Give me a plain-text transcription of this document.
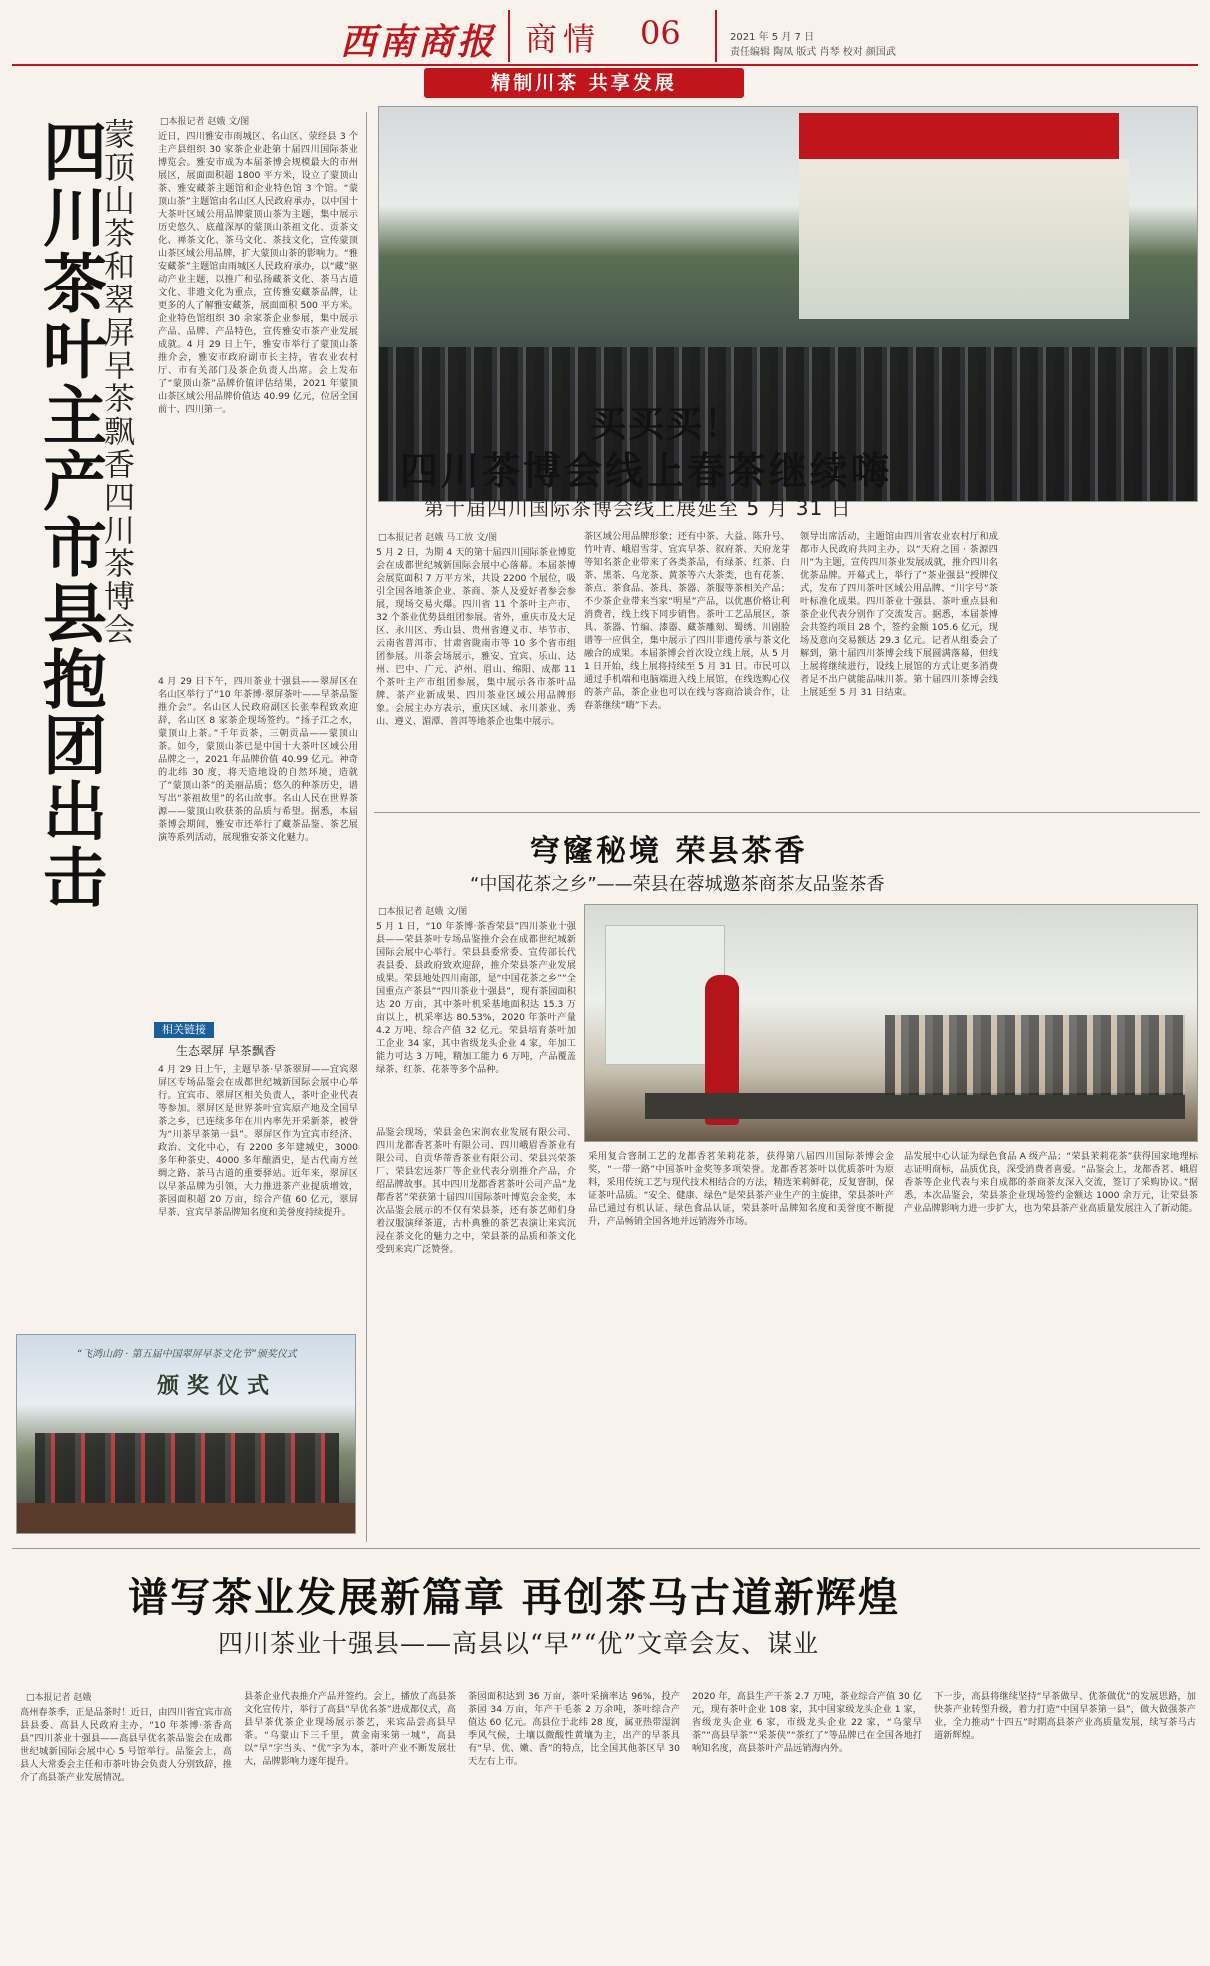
西南商报 商情 06	2021 年 5 月 7 日
责任编辑 陶凤 版式 肖琴 校对 颜国武
精制川茶 共享发展
四川茶叶主产市县抱团出击
蒙顶山茶和翠屏早茶飘香四川茶博会	□本报记者 赵娥 文/图
近日，四川雅安市雨城区、名山区、荥经县 3 个主产县组织 30 家茶企业赴第十届四川国际茶业博览会。雅安市成为本届茶博会规模最大的市州展区，展面面积超 1800 平方米，设立了蒙顶山茶、雅安藏茶主题馆和企业特色馆 3 个馆。“蒙顶山茶”主题馆由名山区人民政府承办，以中国十大茶叶区域公用品牌蒙顶山茶为主题，集中展示历史悠久、底蕴深厚的蒙顶山茶祖文化、贡茶文化、禅茶文化、茶马文化、茶技文化，宣传蒙顶山茶区域公用品牌，扩大蒙顶山茶的影响力。“雅安藏茶”主题馆由雨城区人民政府承办，以“藏”驱动产业主题，以推广和弘扬藏茶文化、茶马古道文化、非遗文化为重点，宣传雅安藏茶品牌，让更多的人了解雅安藏茶，展面面积 500 平方米。企业特色馆组织 30 余家茶企业参展，集中展示产品、品牌、产品特色，宣传雅安市茶产业发展成就。4 月 29 日上午，雅安市举行了蒙顶山茶推介会，雅安市政府副市长主持，省农业农村厅、市有关部门及茶企负责人出席。会上发布了“蒙顶山茶”品牌价值评估结果，2021 年蒙顶山茶区域公用品牌价值达 40.99 亿元，位居全国前十、四川第一。
4 月 29 日下午，四川茶业十强县——翠屏区在名山区举行了“10 年茶博·翠屏茶叶——早茶品鉴推介会”。名山区人民政府副区长张奉程致欢迎辞，名山区 8 家茶企现场签约。“扬子江之水，蒙顶山上茶。”千年贡茶，三朝贡品——蒙顶山茶。如今，蒙顶山茶已是中国十大茶叶区域公用品牌之一，2021 年品牌价值 40.99 亿元。神奇的北纬 30 度，将天造地设的自然环境，造就了“蒙顶山茶”的美丽品质；悠久的种茶历史，谱写出“茶祖故里”的名山故事。名山人民在世界茶源——蒙顶山收获茶的品质与希望。据悉，本届茶博会期间，雅安市还举行了藏茶品鉴、茶艺展演等系列活动，展现雅安茶文化魅力。
相关链接
生态翠屏 早茶飘香
4 月 29 日上午，主题早茶·早茶翠屏——宜宾翠屏区专场品鉴会在成都世纪城新国际会展中心举行。宜宾市、翠屏区相关负责人，茶叶企业代表等参加。翠屏区是世界茶叶宜宾原产地及全国早茶之乡，已连续多年在川内率先开采新茶，被誉为“川茶早茶第一县”。翠屏区作为宜宾市经济、政治、文化中心，有 2200 多年建城史，3000 多年种茶史、4000 多年酿酒史，是古代南方丝绸之路、茶马古道的重要驿站。近年来，翠屏区以早茶品牌为引领，大力推进茶产业提质增效，茶园面积超 20 万亩，综合产值 60 亿元，翠屏早茶、宜宾早茶品牌知名度和美誉度持续提升。
“飞鸿山韵 · 第五届中国翠屏早茶文化节”颁奖仪式
颁奖仪式
买买买！
四川茶博会线上春茶继续嗨
第十届四川国际茶博会线上展延至 5 月 31 日
□本报记者 赵娥 马工放 文/图
5 月 2 日，为期 4 天的第十届四川国际茶业博览会在成都世纪城新国际会展中心落幕。本届茶博会展览面积 7 万平方米，共设 2200 个展位，吸引全国各地茶企业、茶商、茶人及爱好者参会参展，现场交易火爆。四川省 11 个茶叶主产市、32 个茶业优势县组团参展。省外，重庆市及大足区、永川区、秀山县、贵州省遵义市、毕节市、云南省普洱市、甘肃省陇南市等 10 多个省市组团参展。川茶会场展示，雅安、宜宾、乐山、达州、巴中、广元、泸州、眉山、绵阳、成都 11 个茶叶主产市组团参展，集中展示各市茶叶品牌、茶产业新成果、四川茶业区域公用品牌形象。会展主办方表示，重庆区域、永川茶业、秀山、遵义、湄潭、普洱等地茶企也集中展示。
茶区域公用品牌形象；还有中茶、大益、陈升号、竹叶青、峨眉雪芽、宜宾早茶、叙府茶、天府龙芽等知名茶企业带来了各类茶品，有绿茶、红茶、白茶、黑茶、乌龙茶、黄茶等六大茶类，也有花茶、茶点、茶食品、茶具、茶器、茶服等茶相关产品；不少茶企业带来当家“明星”产品，以优惠价格让利消费者，线上线下同步销售。茶叶工艺品展区，茶具、茶器、竹编、漆器、藏茶雕刻、蜀绣、川剧脸谱等一应俱全，集中展示了四川非遗传承与茶文化融合的成果。本届茶博会首次设立线上展，从 5 月 1 日开始，线上展将持续至 5 月 31 日。市民可以通过手机端和电脑端进入线上展馆，在线选购心仪的茶产品，茶企业也可以在线与客商洽谈合作，让春茶继续“嗨”下去。
领导出席活动，主题馆由四川省农业农村厅和成都市人民政府共同主办，以“天府之国 · 茶源四川”为主题，宣传四川茶业发展成就，推介四川名优茶品牌。开幕式上，举行了“茶业强县”授牌仪式，发布了四川茶叶区域公用品牌、“川字号”茶叶标准化成果。四川茶业十强县、茶叶重点县和茶企业代表分别作了交流发言。据悉，本届茶博会共签约项目 28 个，签约金额 105.6 亿元，现场及意向交易额达 29.3 亿元。记者从组委会了解到，第十届四川茶博会线下展圆满落幕，但线上展将继续进行，设线上展馆的方式让更多消费者足不出户就能品味川茶。第十届四川茶博会线上展延至 5 月 31 日结束。
穹窿秘境 荣县茶香
“中国花茶之乡”——荣县在蓉城邀茶商茶友品鉴茶香
□本报记者 赵娥 文/图
5 月 1 日，“10 年茶博·茶香荣县”四川茶业十强县——荣县茶叶专场品鉴推介会在成都世纪城新国际会展中心举行。荣县县委常委、宣传部长代表县委、县政府致欢迎辞，推介荣县茶产业发展成果。荣县地处四川南部，是“中国花茶之乡”“全国重点产茶县”“四川茶业十强县”，现有茶园面积达 20 万亩，其中茶叶机采基地面积达 15.3 万亩以上，机采率达 80.53%，2020 年茶叶产量 4.2 万吨、综合产值 32 亿元。荣县培育茶叶加工企业 34 家，其中省级龙头企业 4 家，年加工能力可达 3 万吨，精加工能力 6 万吨，产品覆盖绿茶、红茶、花茶等多个品种。
品鉴会现场，荣县金色宋润农业发展有限公司、四川龙都香茗茶叶有限公司、四川峨眉香茶业有限公司、自贡华蒂香茶业有限公司、荣县兴荣茶厂、荣县宏远茶厂等企业代表分别推介产品，介绍品牌故事。其中四川龙都香茗茶叶公司产品“龙都香茗”荣获第十届四川国际茶叶博览会金奖，本次品鉴会展示的不仅有荣县茶，还有茶艺师们身着汉服演绎茶道，古朴典雅的茶艺表演让来宾沉浸在茶文化的魅力之中，荣县茶的品质和茶文化受到来宾广泛赞誉。
采用复合窨制工艺的龙都香茗茉莉花茶，获得第八届四川国际茶博会金奖，“一带一路”中国茶叶金奖等多项荣誉。龙都香茗茶叶以优质茶叶为原料，采用传统工艺与现代技术相结合的方法，精选茉莉鲜花，反复窨制，保证茶叶品质。“安全、健康、绿色”是荣县茶产业生产的主旋律，荣县茶叶产品已通过有机认证、绿色食品认证，荣县茶叶品牌知名度和美誉度不断提升，产品畅销全国各地并远销海外市场。
品发展中心认证为绿色食品 A 级产品；“荣县茉莉花茶”获得国家地理标志证明商标，品质优良，深受消费者喜爱。“品鉴会上，龙都香茗、峨眉香茶等企业代表与来自成都的茶商茶友深入交流，签订了采购协议。”据悉，本次品鉴会，荣县茶企业现场签约金额达 1000 余万元，让荣县茶产业品牌影响力进一步扩大，也为荣县茶产业高质量发展注入了新动能。
谱写茶业发展新篇章 再创茶马古道新辉煌
四川茶业十强县——高县以“早”“优”文章会友、谋业
□本报记者 赵娥
高州春茶季，正是品茶时！近日，由四川省宜宾市高县县委、高县人民政府主办，“10 年茶博·茶香高县”四川茶业十强县——高县早优名茶品鉴会在成都世纪城新国际会展中心 5 号馆举行。品鉴会上，高县人大常委会主任和市茶叶协会负责人分别致辞，推介了高县茶产业发展情况。
县茶企业代表推介产品并签约。会上，播放了高县茶文化宣传片，举行了高县“早优名茶”进成都仪式，高县早茶优茶企业现场展示茶艺，来宾品尝高县早茶。“乌蒙山下三千里，黄金南来第一城”，高县以“早”字当头、“优”字为本，茶叶产业不断发展壮大，品牌影响力逐年提升。
茶园面积达到 36 万亩，茶叶采摘率达 96%，投产茶园 34 万亩，年产干毛茶 2 万余吨，茶叶综合产值达 60 亿元。高县位于北纬 28 度，属亚热带湿润季风气候，土壤以微酸性黄壤为主，出产的早茶具有“早、优、嫩、香”的特点，比全国其他茶区早 30 天左右上市。
2020 年，高县生产干茶 2.7 万吨，茶业综合产值 30 亿元，现有茶叶企业 108 家，其中国家级龙头企业 1 家，省级龙头企业 6 家，市级龙头企业 22 家，“乌蒙早茶”“高县早茶”“采茶侠”“茶红了”等品牌已在全国各地打响知名度，高县茶叶产品远销海内外。
下一步，高县将继续坚持“早茶做早、优茶做优”的发展思路，加快茶产业转型升级，着力打造“中国早茶第一县”，做大做强茶产业，全力推动“十四五”时期高县茶产业高质量发展，续写茶马古道新辉煌。
